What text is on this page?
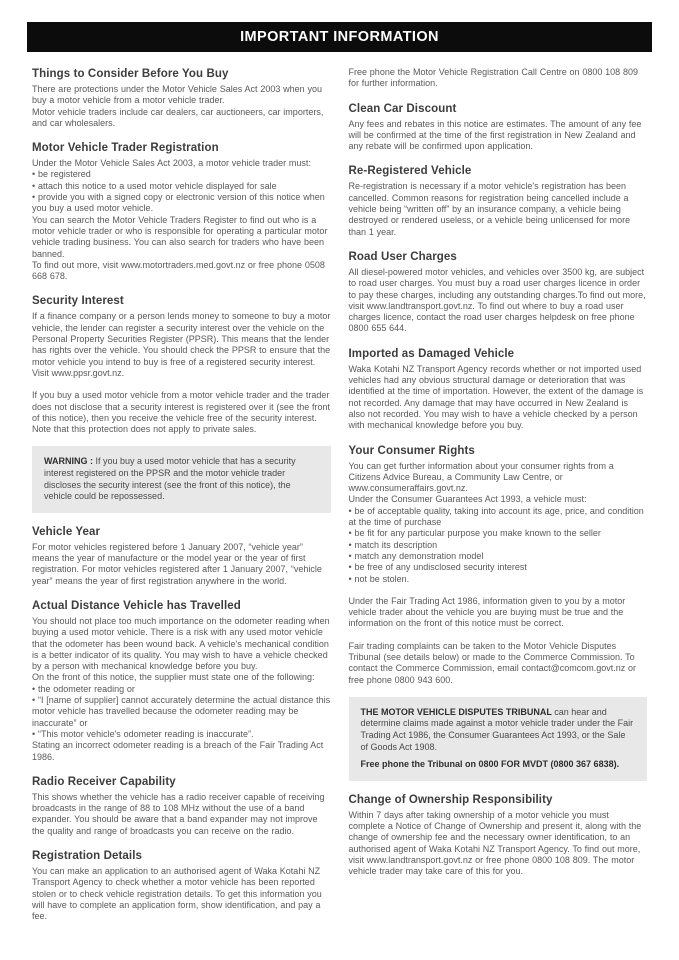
IMPORTANT INFORMATION
Things to Consider Before You Buy

There are protections under the Motor Vehicle Sales Act 2003 when you buy a motor vehicle from a motor vehicle trader.

Motor vehicle traders include car dealers, car auctioneers, car importers, and car wholesalers.

Motor Vehicle Trader Registration

Under the Motor Vehicle Sales Act 2003, a motor vehicle trader must:

• be registered

• attach this notice to a used motor vehicle displayed for sale

• provide you with a signed copy or electronic version of this notice when you buy a used motor vehicle.

You can search the Motor Vehicle Traders Register to find out who is a motor vehicle trader or who is responsible for operating a particular motor vehicle trading business. You can also search for traders who have been banned.

To find out more, visit www.motortraders.med.govt.nz or free phone 0508 668 678.

Security Interest

If a finance company or a person lends money to someone to buy a motor vehicle, the lender can register a security interest over the vehicle on the Personal Property Securities Register (PPSR). This means that the lender has rights over the vehicle. You should check the PPSR to ensure that the motor vehicle you intend to buy is free of a registered security interest. Visit www.ppsr.govt.nz.

If you buy a used motor vehicle from a motor vehicle trader and the trader does not disclose that a security interest is registered over it (see the front of this notice), then you receive the vehicle free of the security interest. Note that this protection does not apply to private sales.

WARNING : If you buy a used motor vehicle that has a security interest registered on the PPSR and the motor vehicle trader discloses the security interest (see the front of this notice), the vehicle could be repossessed.

Vehicle Year

For motor vehicles registered before 1 January 2007, “vehicle year” means the year of manufacture or the model year or the year of first registration. For motor vehicles registered after 1 January 2007, “vehicle year” means the year of first registration anywhere in the world.

Actual Distance Vehicle has Travelled

You should not place too much importance on the odometer reading when buying a used motor vehicle. There is a risk with any used motor vehicle that the odometer has been wound back. A vehicle's mechanical condition is a better indicator of its quality. You may wish to have a vehicle checked by a person with mechanical knowledge before you buy.

On the front of this notice, the supplier must state one of the following:

• the odometer reading or

• “I [name of supplier] cannot accurately determine the actual distance this motor vehicle has travelled because the odometer reading may be inaccurate” or

• “This motor vehicle's odometer reading is inaccurate”.

Stating an incorrect odometer reading is a breach of the Fair Trading Act 1986.

Radio Receiver Capability

This shows whether the vehicle has a radio receiver capable of receiving broadcasts in the range of 88 to 108 MHz without the use of a band expander. You should be aware that a band expander may not improve the quality and range of broadcasts you can receive on the radio.

Registration Details

You can make an application to an authorised agent of Waka Kotahi NZ Transport Agency to check whether a motor vehicle has been reported stolen or to check vehicle registration details. To get this information you will have to complete an application form, show identification, and pay a fee.

Free phone the Motor Vehicle Registration Call Centre on 0800 108 809 for further information.

Clean Car Discount

Any fees and rebates in this notice are estimates. The amount of any fee will be confirmed at the time of the first registration in New Zealand and any rebate will be confirmed upon application.

Re-Registered Vehicle

Re-registration is necessary if a motor vehicle's registration has been cancelled. Common reasons for registration being cancelled include a vehicle being “written off” by an insurance company, a vehicle being destroyed or rendered useless, or a vehicle being unlicensed for more than 1 year.

Road User Charges

All diesel-powered motor vehicles, and vehicles over 3500 kg, are subject to road user charges. You must buy a road user charges licence in order to pay these charges, including any outstanding charges.To find out more, visit www.landtransport.govt.nz. To find out where to buy a road user charges licence, contact the road user charges helpdesk on free phone 0800 655 644.

Imported as Damaged Vehicle

Waka Kotahi NZ Transport Agency records whether or not imported used vehicles had any obvious structural damage or deterioration that was identified at the time of importation. However, the extent of the damage is not recorded. Any damage that may have occurred in New Zealand is also not recorded. You may wish to have a vehicle checked by a person with mechanical knowledge before you buy.

Your Consumer Rights

You can get further information about your consumer rights from a Citizens Advice Bureau, a Community Law Centre, or www.consumeraffairs.govt.nz.

Under the Consumer Guarantees Act 1993, a vehicle must:

• be of acceptable quality, taking into account its age, price, and condition at the time of purchase

• be fit for any particular purpose you make known to the seller

• match its description

• match any demonstration model

• be free of any undisclosed security interest

• not be stolen.

Under the Fair Trading Act 1986, information given to you by a motor vehicle trader about the vehicle you are buying must be true and the information on the front of this notice must be correct.

Fair trading complaints can be taken to the Motor Vehicle Disputes Tribunal (see details below) or made to the Commerce Commission. To contact the Commerce Commission, email contact@comcom.govt.nz or free phone 0800 943 600.

THE MOTOR VEHICLE DISPUTES TRIBUNAL can hear and determine claims made against a motor vehicle trader under the Fair Trading Act 1986, the Consumer Guarantees Act 1993, or the Sale of Goods Act 1908.

Free phone the Tribunal on 0800 FOR MVDT (0800 367 6838).

Change of Ownership Responsibility

Within 7 days after taking ownership of a motor vehicle you must complete a Notice of Change of Ownership and present it, along with the change of ownership fee and the necessary owner identification, to an authorised agent of Waka Kotahi NZ Transport Agency. To find out more, visit www.landtransport.govt.nz or free phone 0800 108 809. The motor vehicle trader may take care of this for you.
